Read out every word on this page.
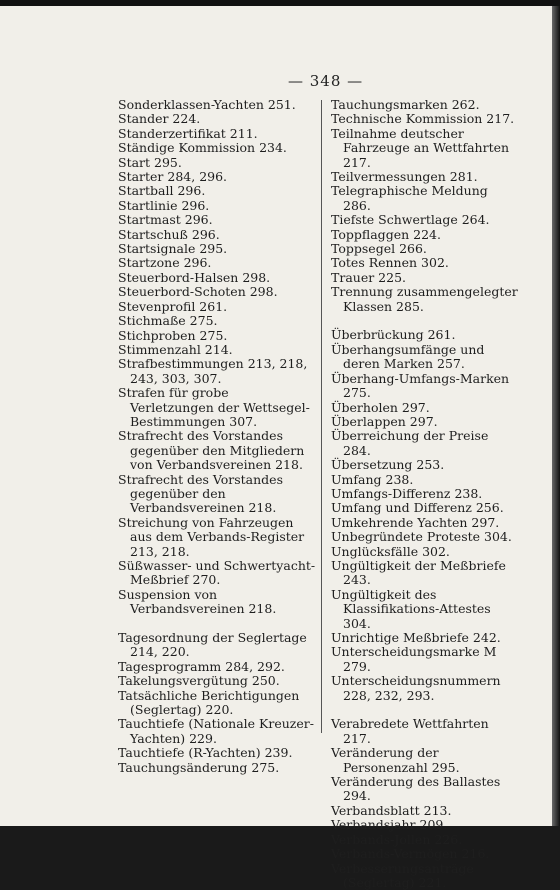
— 348 —
Sonderklassen-Yachten 251.
Stander 224.
Standerzertifikat 211.
Ständige Kommission 234.
Start 295.
Starter 284, 296.
Startball 296.
Startlinie 296.
Startmast 296.
Startschuß 296.
Startsignale 295.
Startzone 296.
Steuerbord-Halsen 298.
Steuerbord-Schoten 298.
Stevenprofil 261.
Stichmaße 275.
Stichproben 275.
Stimmenzahl 214.
Strafbestimmungen 213, 218, 243, 303, 307.
Strafen für grobe Verletzungen der Wettsegel-Bestimmungen 307.
Strafrecht des Vorstandes gegenüber den Mitgliedern von Verbandsvereinen 218.
Strafrecht des Vorstandes gegenüber den Verbandsvereinen 218.
Streichung von Fahrzeugen aus dem Verbands-Register 213, 218.
Süßwasser- und Schwertyacht-Meßbrief 270.
Suspension von Verbandsvereinen 218.
Tagesordnung der Seglertage 214, 220.
Tagesprogramm 284, 292.
Takelungsvergütung 250.
Tatsächliche Berichtigungen (Seglertag) 220.
Tauchtiefe (Nationale Kreuzer-Yachten) 229.
Tauchtiefe (R-Yachten) 239.
Tauchungsänderung 275.
Tauchungsmarken 262.
Technische Kommission 217.
Teilnahme deutscher Fahrzeuge an Wettfahrten 217.
Teilvermessungen 281.
Telegraphische Meldung 286.
Tiefste Schwertlage 264.
Toppflaggen 224.
Toppsegel 266.
Totes Rennen 302.
Trauer 225.
Trennung zusammengelegter Klassen 285.
Überbrückung 261.
Überhangsumfänge und deren Marken 257.
Überhang-Umfangs-Marken 275.
Überholen 297.
Überlappen 297.
Überreichung der Preise 284.
Übersetzung 253.
Umfang 238.
Umfangs-Differenz 238.
Umfang und Differenz 256.
Umkehrende Yachten 297.
Unbegründete Proteste 304.
Unglücksfälle 302.
Ungültigkeit der Meßbriefe 243.
Ungültigkeit des Klassifikations-Attestes 304.
Unrichtige Meßbriefe 242.
Unterscheidungsmarke M 279.
Unterscheidungsnummern 228, 232, 293.
Verabredete Wettfahrten 217.
Veränderung der Personenzahl 295.
Veränderung des Ballastes 294.
Verbandsblatt 213.
Verbandsjahr 209.
Verbands-Jollen 226.
Verbands-Vermögen 216.
Verbesserungsanträge (Seglertag) 221.
